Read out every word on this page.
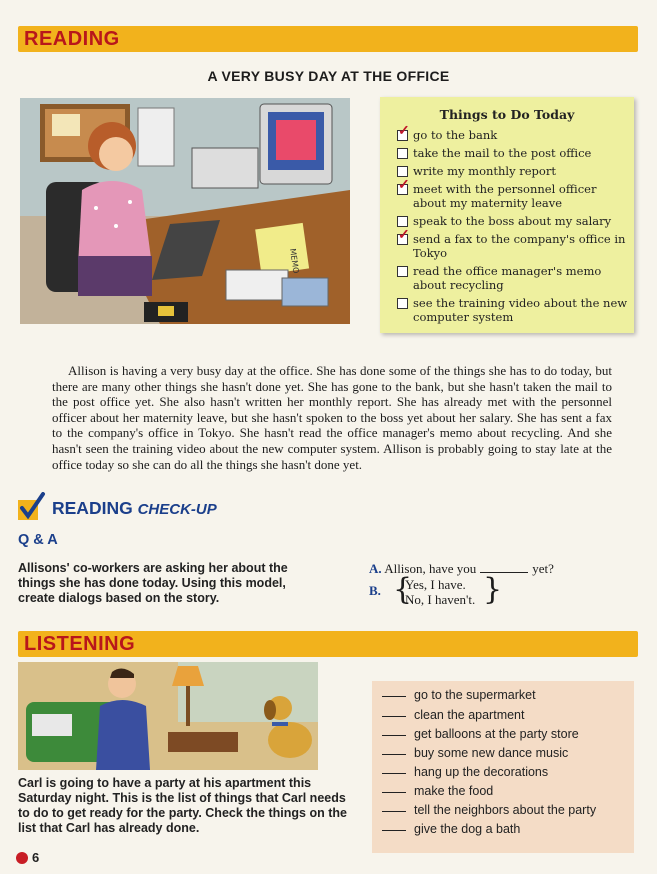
READING
A VERY BUSY DAY AT THE OFFICE
MEMO
Things to Do Today
✓ go to the bank
take the mail to the post office
write my monthly report
✓ meet with the personnel officer about my maternity leave
speak to the boss about my salary
✓ send a fax to the company's office in Tokyo
read the office manager's memo about recycling
see the training video about the new computer system

Allison is having a very busy day at the office. She has done some of the things she has to do today, but there are many other things she hasn't done yet. She has gone to the bank, but she hasn't taken the mail to the post office yet. She also hasn't written her monthly report. She has already met with the personnel officer about her maternity leave, but she hasn't spoken to the boss yet about her salary. She has sent a fax to the company's office in Tokyo. She hasn't read the office manager's memo about recycling. And she hasn't seen the training video about the new computer system. Allison is probably going to stay late at the office today so she can do all the things she hasn't done yet.

READING CHECK-UP
Q & A
Allisons' co-workers are asking her about the things she has done today. Using this model, create dialogs based on the story.
A. Allison, have you	yet?
B. {
Yes, I have.
No, I haven't. }
LISTENING
Carl is going to have a party at his apartment this Saturday night. This is the list of things that Carl needs to do to get ready for the party. Check the things on the list that Carl has already done.
go to the supermarket
clean the apartment
get balloons at the party store
buy some new dance music
hang up the decorations
make the food
tell the neighbors about the party
give the dog a bath
6
